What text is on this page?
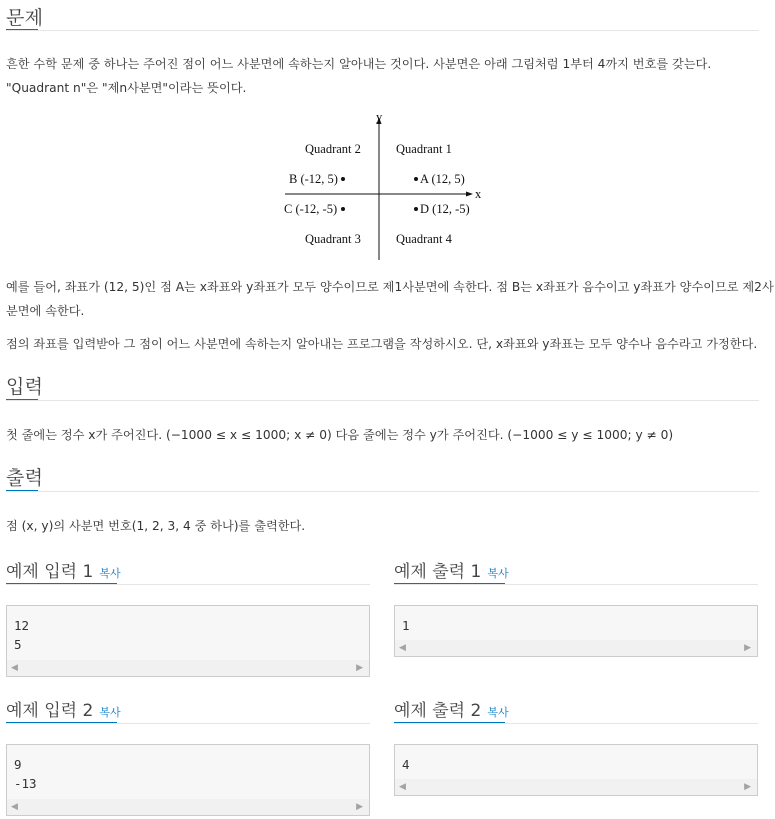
문제
흔한 수학 문제 중 하나는 주어진 점이 어느 사분면에 속하는지 알아내는 것이다. 사분면은 아래 그림처럼 1부터 4까지 번호를 갖는다.
"Quadrant n"은 "제n사분면"이라는 뜻이다.
y
x
Quadrant 2	Quadrant 1
Quadrant 3	Quadrant 4
B (-12, 5)	A (12, 5)
C (-12, -5)	D (12, -5)
예를 들어, 좌표가 (12, 5)인 점 A는 x좌표와 y좌표가 모두 양수이므로 제1사분면에 속한다. 점 B는 x좌표가 음수이고 y좌표가 양수이므로 제2사
분면에 속한다.
점의 좌표를 입력받아 그 점이 어느 사분면에 속하는지 알아내는 프로그램을 작성하시오. 단, x좌표와 y좌표는 모두 양수나 음수라고 가정한다.
입력
첫 줄에는 정수 x가 주어진다. (−1000 ≤ x ≤ 1000; x ≠ 0) 다음 줄에는 정수 y가 주어진다. (−1000 ≤ y ≤ 1000; y ≠ 0)
출력
점 (x, y)의 사분면 번호(1, 2, 3, 4 중 하나)를 출력한다.
예제 입력 1 복사
12
5
◀	▶
예제 출력 1 복사
1
◀	▶
예제 입력 2 복사
9
-13
◀	▶
예제 출력 2 복사
4
◀	▶
